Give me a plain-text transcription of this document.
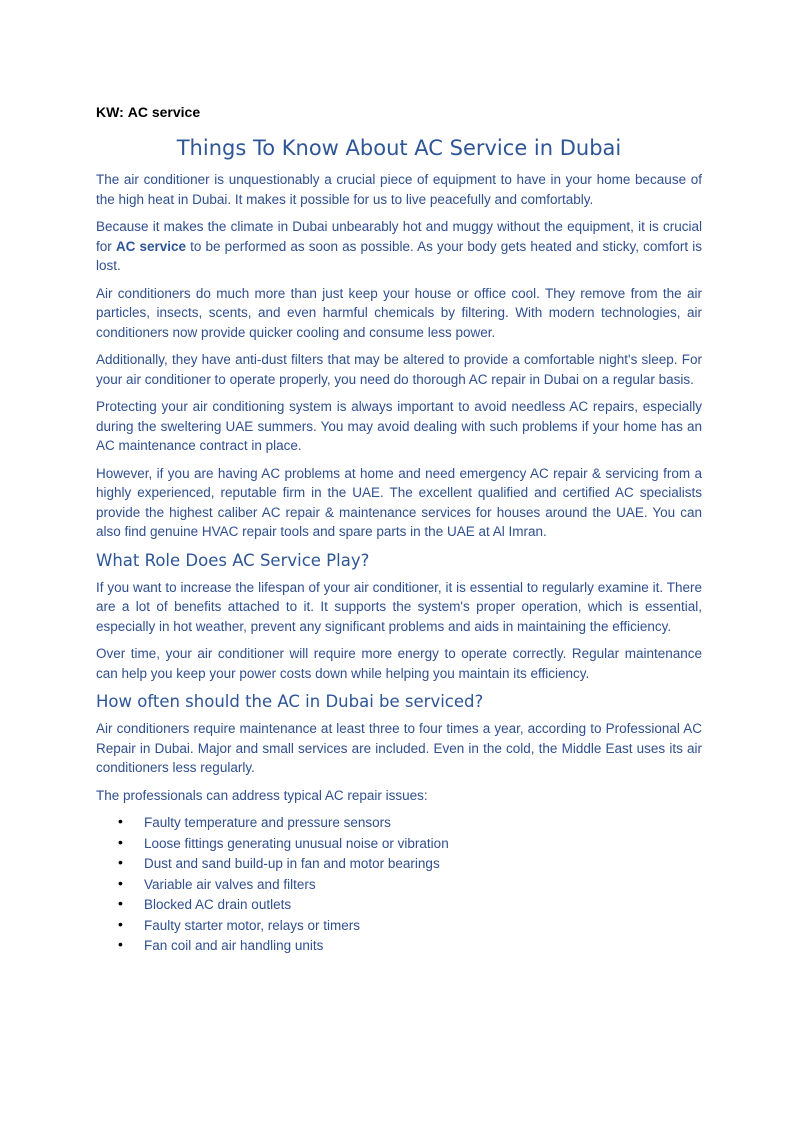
KW: AC service
Things To Know About AC Service in Dubai

The air conditioner is unquestionably a crucial piece of equipment to have in your home because of the high heat in Dubai. It makes it possible for us to live peacefully and comfortably.

Because it makes the climate in Dubai unbearably hot and muggy without the equipment, it is crucial for AC service to be performed as soon as possible. As your body gets heated and sticky, comfort is lost.

Air conditioners do much more than just keep your house or office cool. They remove from the air particles, insects, scents, and even harmful chemicals by filtering. With modern technologies, air conditioners now provide quicker cooling and consume less power.

Additionally, they have anti-dust filters that may be altered to provide a comfortable night's sleep. For your air conditioner to operate properly, you need do thorough AC repair in Dubai on a regular basis.

Protecting your air conditioning system is always important to avoid needless AC repairs, especially during the sweltering UAE summers. You may avoid dealing with such problems if your home has an AC maintenance contract in place.

However, if you are having AC problems at home and need emergency AC repair & servicing from a highly experienced, reputable firm in the UAE. The excellent qualified and certified AC specialists provide the highest caliber AC repair & maintenance services for houses around the UAE. You can also find genuine HVAC repair tools and spare parts in the UAE at Al Imran.

What Role Does AC Service Play?

If you want to increase the lifespan of your air conditioner, it is essential to regularly examine it. There are a lot of benefits attached to it. It supports the system's proper operation, which is essential, especially in hot weather, prevent any significant problems and aids in maintaining the efficiency.

Over time, your air conditioner will require more energy to operate correctly. Regular maintenance can help you keep your power costs down while helping you maintain its efficiency.

How often should the AC in Dubai be serviced?

Air conditioners require maintenance at least three to four times a year, according to Professional AC Repair in Dubai. Major and small services are included. Even in the cold, the Middle East uses its air conditioners less regularly.

The professionals can address typical AC repair issues:

• Faulty temperature and pressure sensors
• Loose fittings generating unusual noise or vibration
• Dust and sand build-up in fan and motor bearings
• Variable air valves and filters
• Blocked AC drain outlets
• Faulty starter motor, relays or timers
• Fan coil and air handling units
